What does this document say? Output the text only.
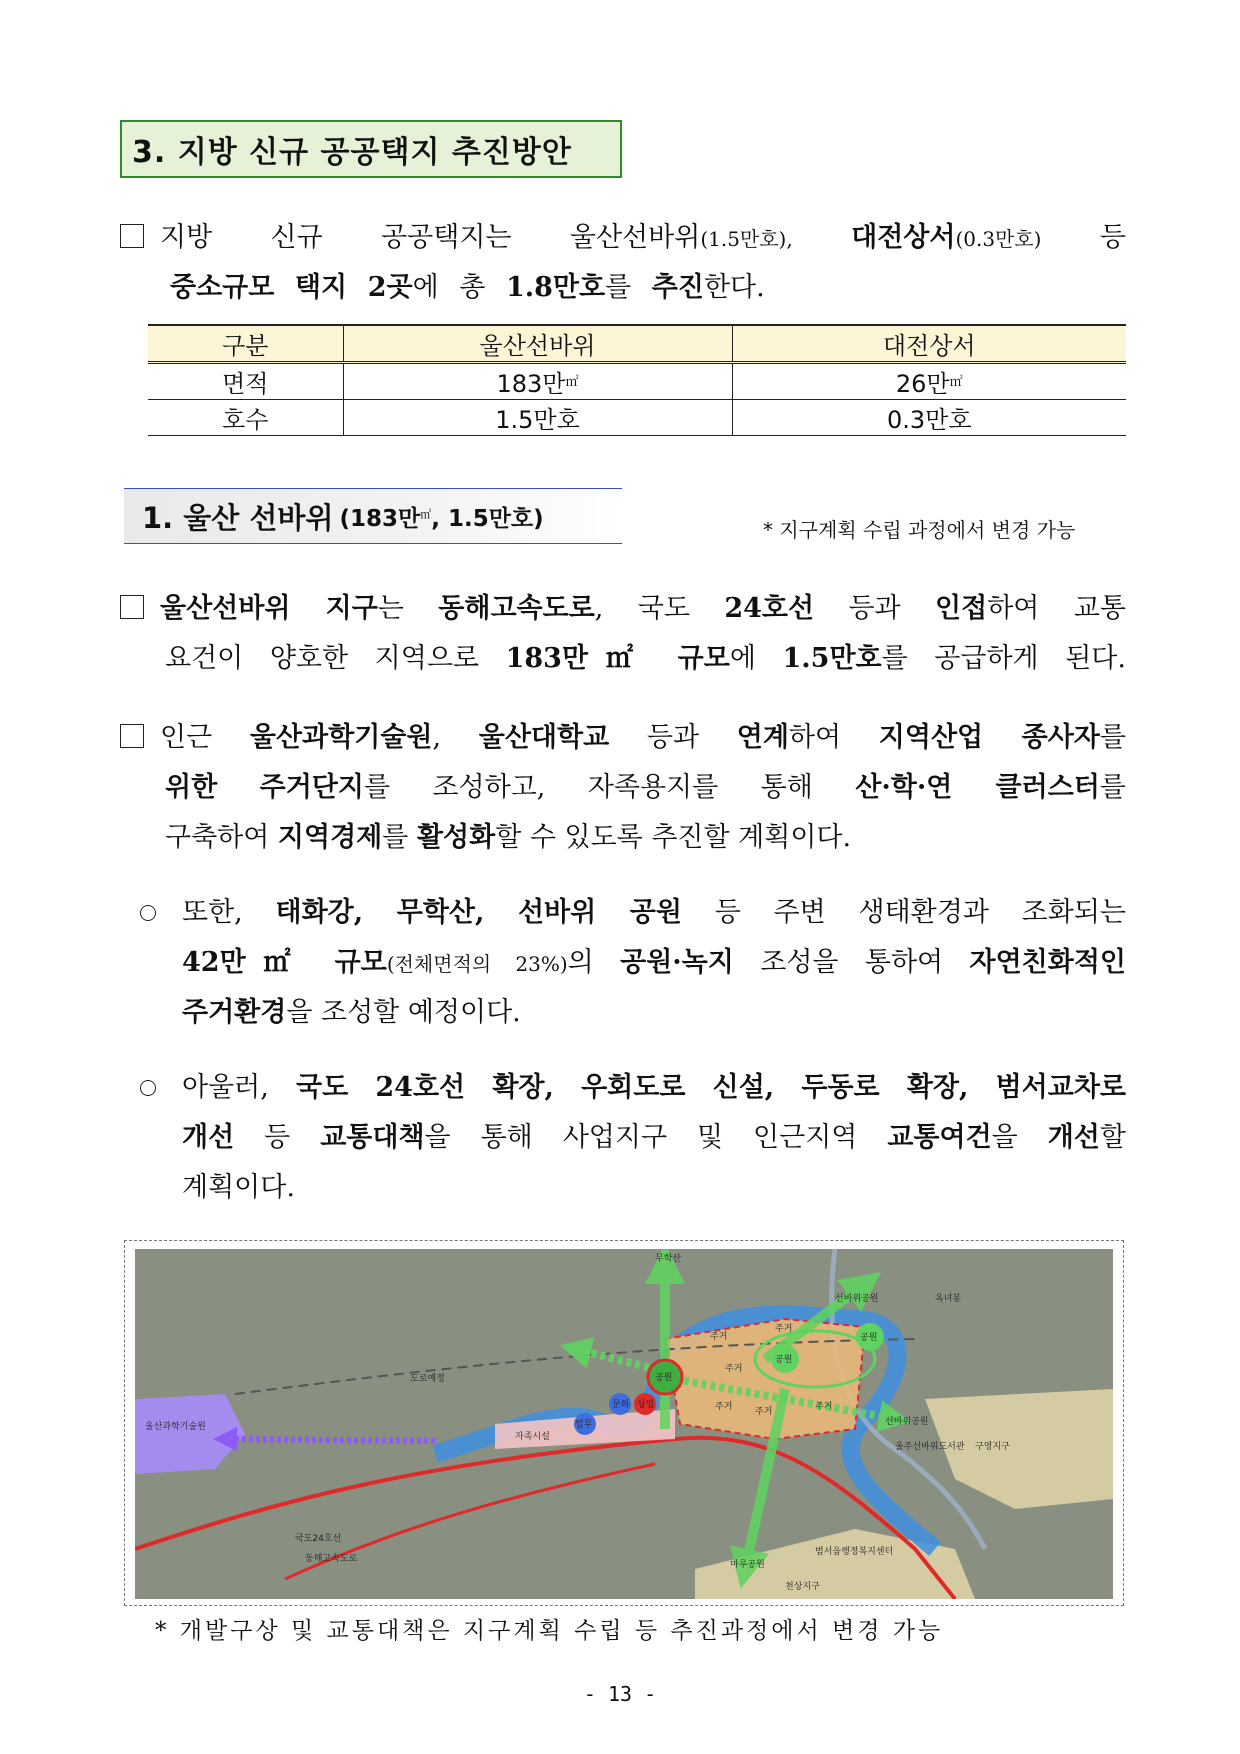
3. 지방 신규 공공택지 추진방안
지방 신규 공공택지는 울산선바위(1.5만호), 대전상서(0.3만호) 등
중소규모 택지 2곳에 총 1.8만호를 추진한다.
구분	울산선바위	대전상서
면적	183만㎡	26만㎡
호수	1.5만호	0.3만호
1. 울산 선바위 (183만㎡, 1.5만호)	* 지구계획 수립 과정에서 변경 가능
울산선바위 지구는 동해고속도로, 국도 24호선 등과 인접하여 교통
요건이 양호한 지역으로 183만㎡ 규모에 1.5만호를 공급하게 된다.
인근 울산과학기술원, 울산대학교 등과 연계하여 지역산업 종사자를
위한 주거단지를 조성하고, 자족용지를 통해 산·학·연 클러스터를
구축하여 지역경제를 활성화할 수 있도록 추진할 계획이다.
또한, 태화강, 무학산, 선바위 공원 등 주변 생태환경과 조화되는
42만㎡ 규모(전체면적의 23%)의 공원·녹지 조성을 통하여 자연친화적인
주거환경을 조성할 예정이다.
아울러, 국도 24호선 확장, 우회도로 신설, 두동로 확장, 범서교차로
개선 등 교통대책을 통해 사업지구 및 인근지역 교통여건을 개선할
계획이다.
무학산
선바위공원	옥녀봉
도로예정
울산과학기술원
국도24호선
동해고속도로
자족시설
업무
문화
공원
상업
공원
공원
주거
주거
주거
주거	주거	주거
선바위공원
구영지구
울주선바위도서관
천상지구
마루공원
범서읍행정복지센터
* 개발구상 및 교통대책은 지구계획 수립 등 추진과정에서 변경 가능
- 13 -
